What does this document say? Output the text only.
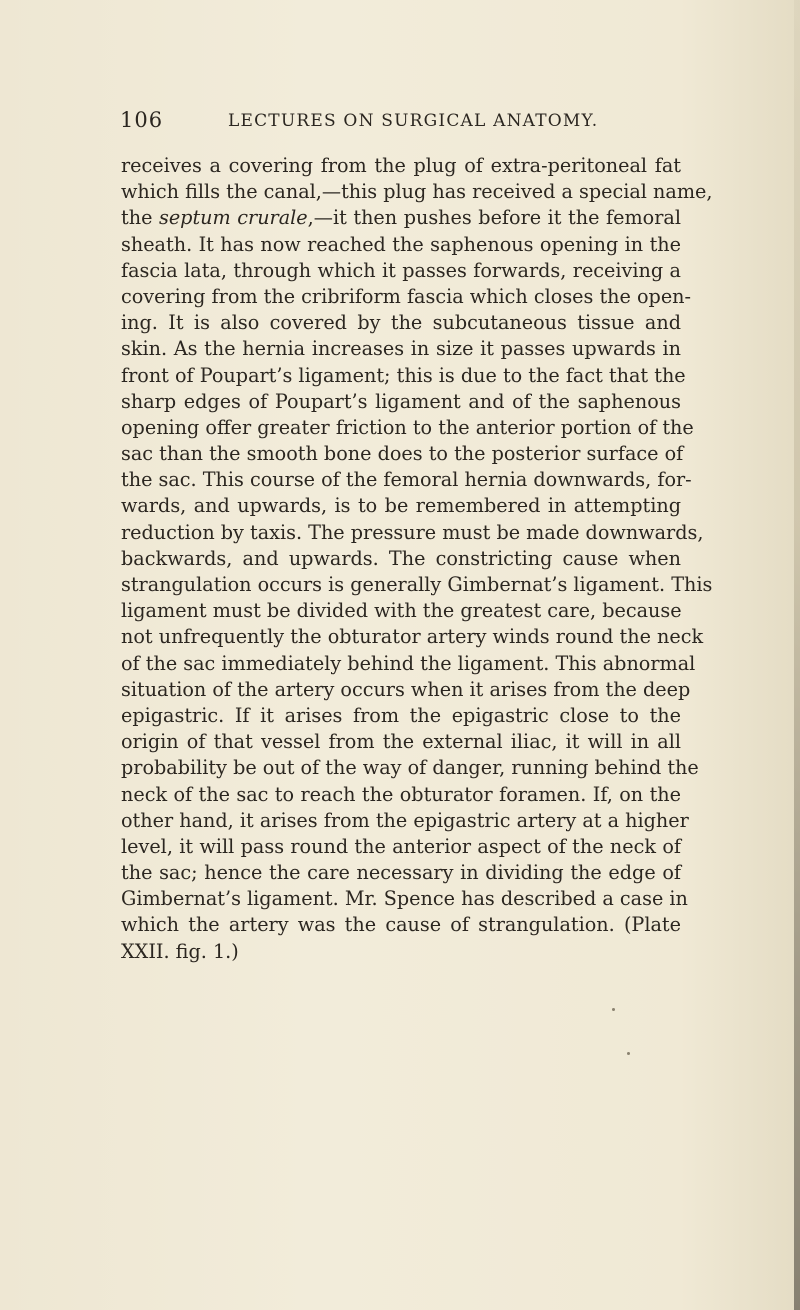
106	LECTURES ON SURGICAL ANATOMY.
receives a covering from the plug of extra-peritoneal fat
which fills the canal,—this plug has received a special name,
the septum crurale,—it then pushes before it the femoral
sheath. It has now reached the saphenous opening in the
fascia lata, through which it passes forwards, receiving a
covering from the cribriform fascia which closes the open-
ing. It is also covered by the subcutaneous tissue and
skin. As the hernia increases in size it passes upwards in
front of Poupart’s ligament; this is due to the fact that the
sharp edges of Poupart’s ligament and of the saphenous
opening offer greater friction to the anterior portion of the
sac than the smooth bone does to the posterior surface of
the sac. This course of the femoral hernia downwards, for-
wards, and upwards, is to be remembered in attempting
reduction by taxis. The pressure must be made downwards,
backwards, and upwards. The constricting cause when
strangulation occurs is generally Gimbernat’s ligament. This
ligament must be divided with the greatest care, because
not unfrequently the obturator artery winds round the neck
of the sac immediately behind the ligament. This abnormal
situation of the artery occurs when it arises from the deep
epigastric. If it arises from the epigastric close to the
origin of that vessel from the external iliac, it will in all
probability be out of the way of danger, running behind the
neck of the sac to reach the obturator foramen. If, on the
other hand, it arises from the epigastric artery at a higher
level, it will pass round the anterior aspect of the neck of
the sac; hence the care necessary in dividing the edge of
Gimbernat’s ligament. Mr. Spence has described a case in
which the artery was the cause of strangulation. (Plate
XXII. fig. 1.)
